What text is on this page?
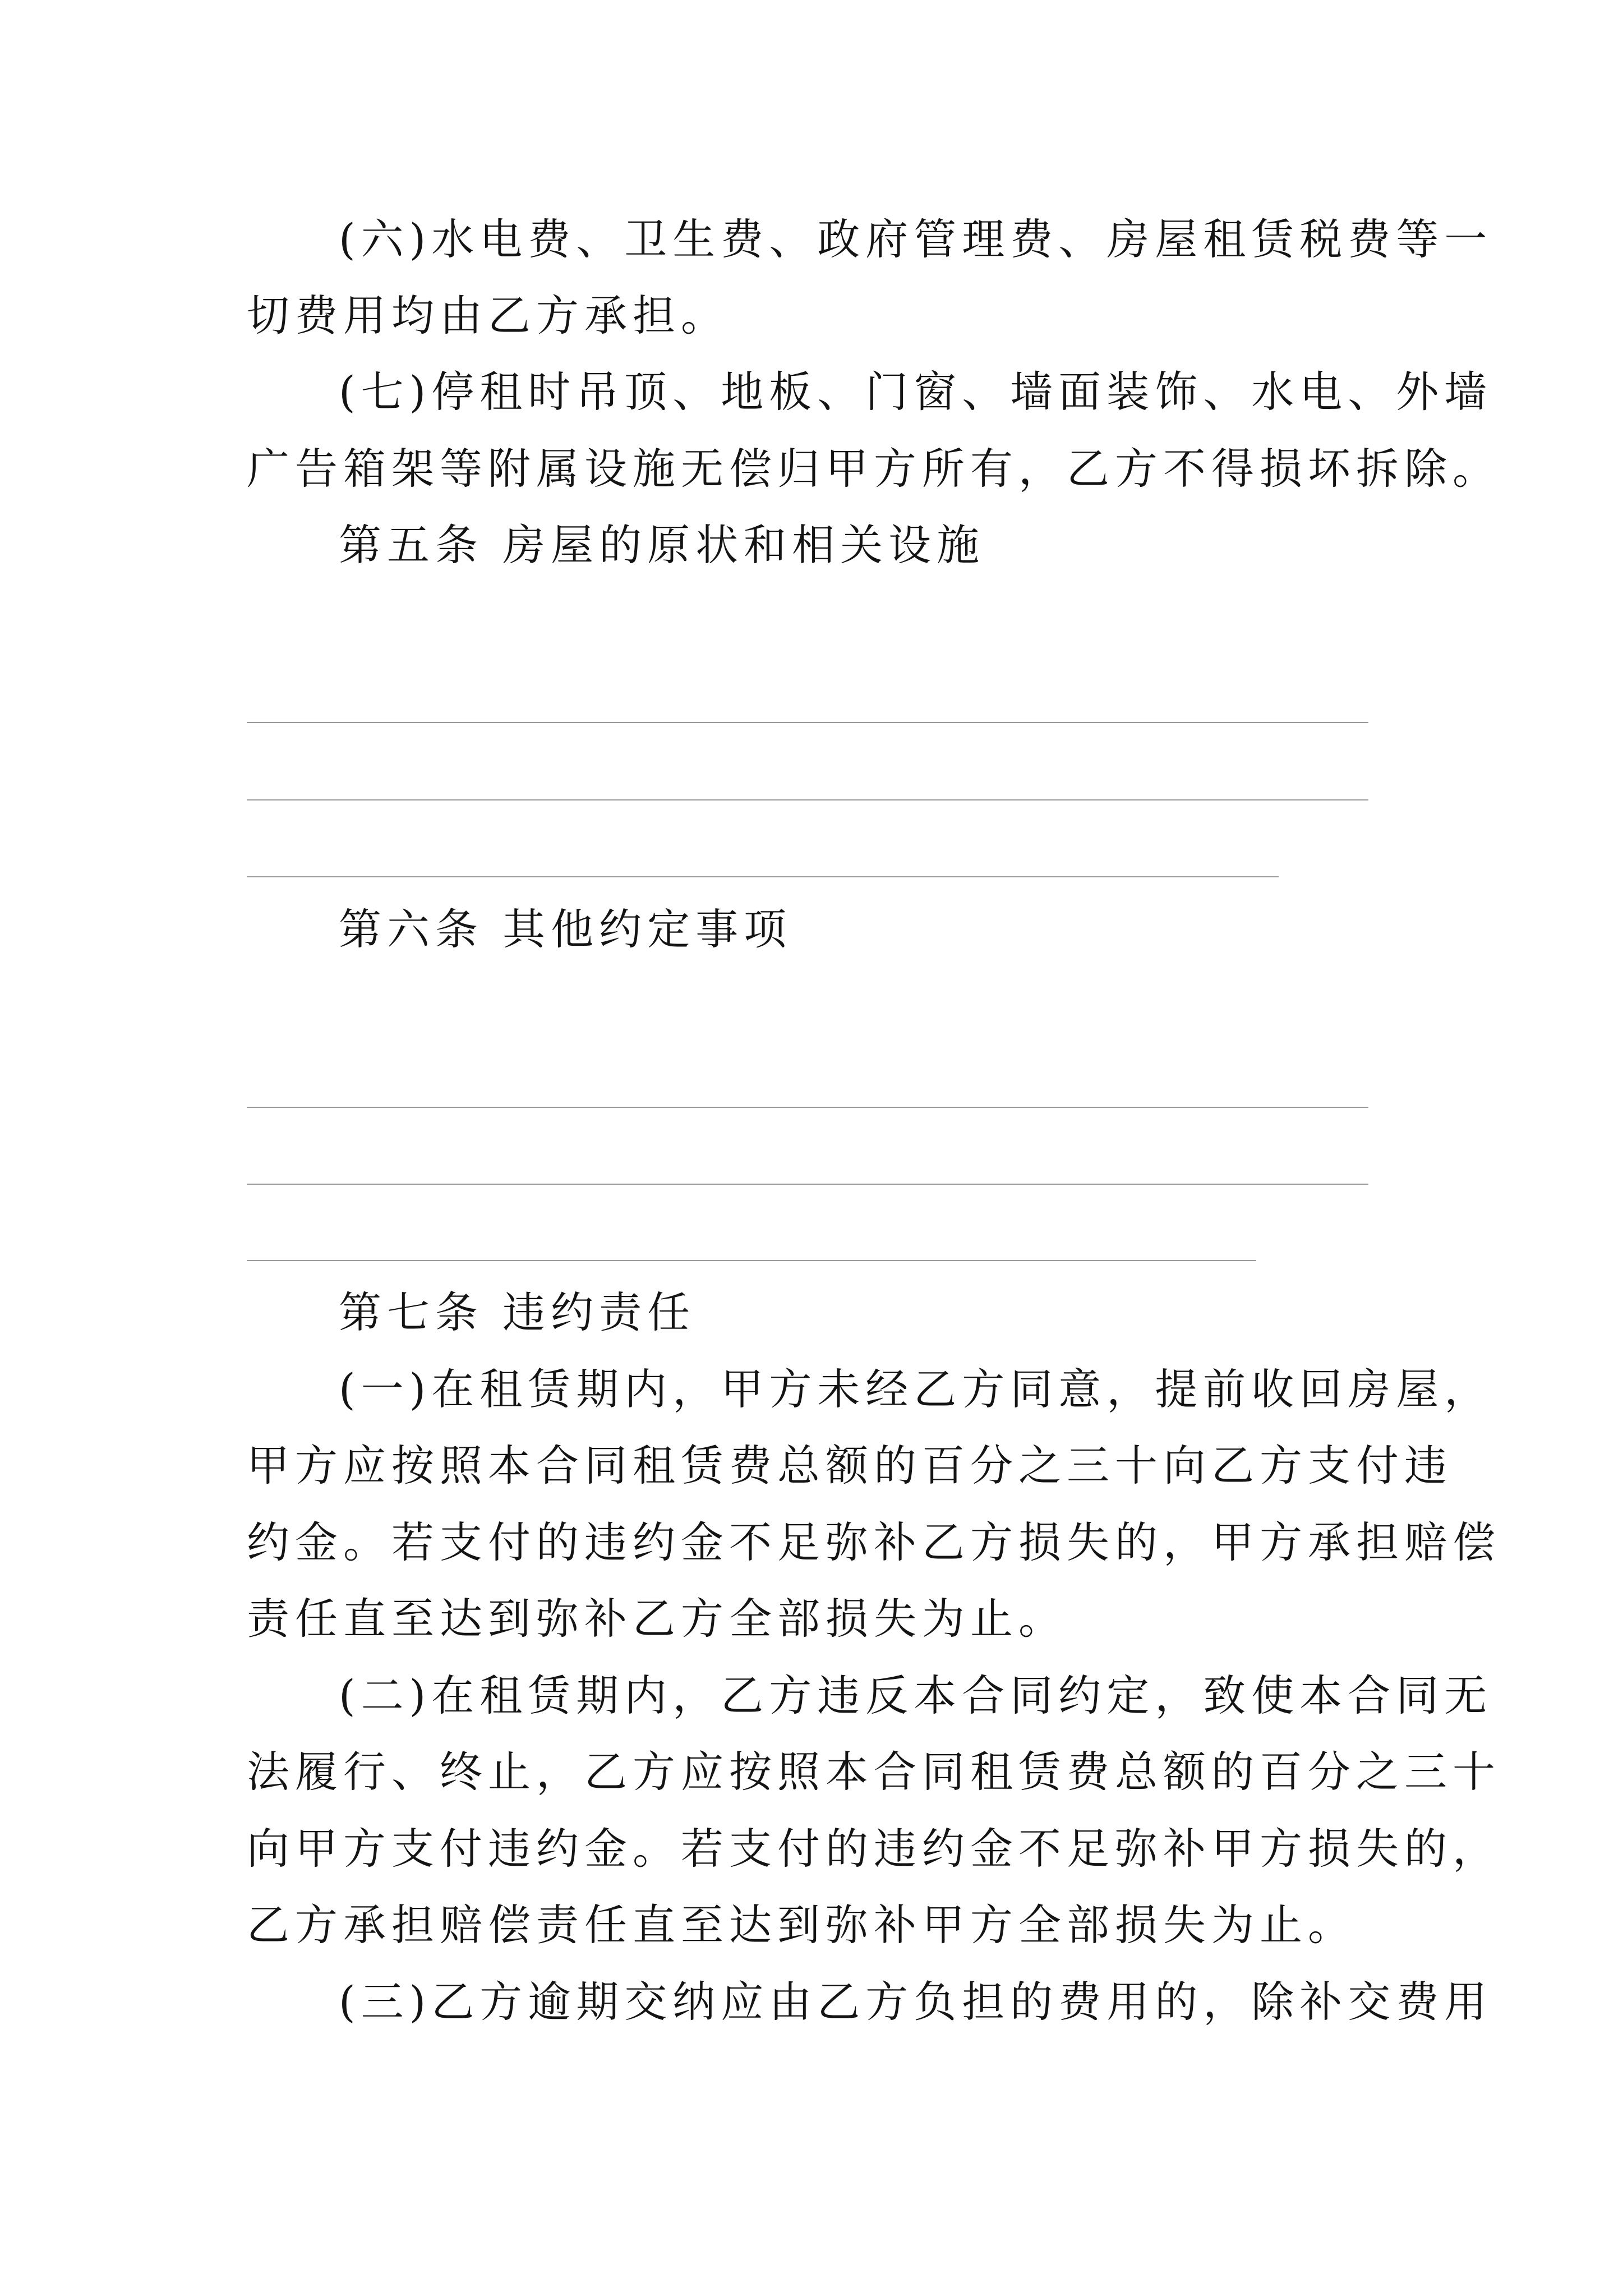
(六)水电费、卫生费、政府管理费、房屋租赁税费等一
切费用均由乙方承担。
(七)停租时吊顶、地板、门窗、墙面装饰、水电、外墙
广告箱架等附属设施无偿归甲方所有，乙方不得损坏拆除。
第五条 房屋的原状和相关设施
第六条 其他约定事项
第七条 违约责任
(一)在租赁期内，甲方未经乙方同意，提前收回房屋，
甲方应按照本合同租赁费总额的百分之三十向乙方支付违
约金。若支付的违约金不足弥补乙方损失的，甲方承担赔偿
责任直至达到弥补乙方全部损失为止。
(二)在租赁期内，乙方违反本合同约定，致使本合同无
法履行、终止，乙方应按照本合同租赁费总额的百分之三十
向甲方支付违约金。若支付的违约金不足弥补甲方损失的，
乙方承担赔偿责任直至达到弥补甲方全部损失为止。
(三)乙方逾期交纳应由乙方负担的费用的，除补交费用
